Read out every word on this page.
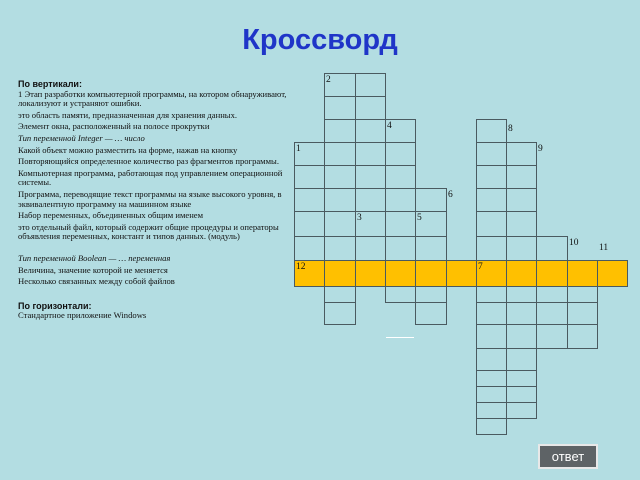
Кроссворд

По вертикали:

1 Этап разработки компьютерной программы, на котором обнаруживают, локализуют и устраняют ошибки.

это область памяти, предназначенная для хранения данных.

Элемент окна, расположенный на полосе прокрутки

Тип переменной Integer — … число

Какой объект можно разместить на форме, нажав на кнопку

Повторяющийся определенное количество раз фрагментов программы.

Компьютерная программа, работающая под управлением операционной системы.

Программа, переводящие текст программы на языке высокого уровня, в эквивалентную программу на машинном языке

Набор переменных, объединенных общим именем

это отдельный файл, который содержит общие процедуры и операторы объявления переменных, констант и типов данных. (модуль)

Тип переменной Boolean — … переменная

Величина, значение которой не меняется

Несколько связанных между собой файлов

По горизонтали:

Стандартное приложение Windows

2
4	8
1	9
6
3	5
10 11
12	7
ответ
